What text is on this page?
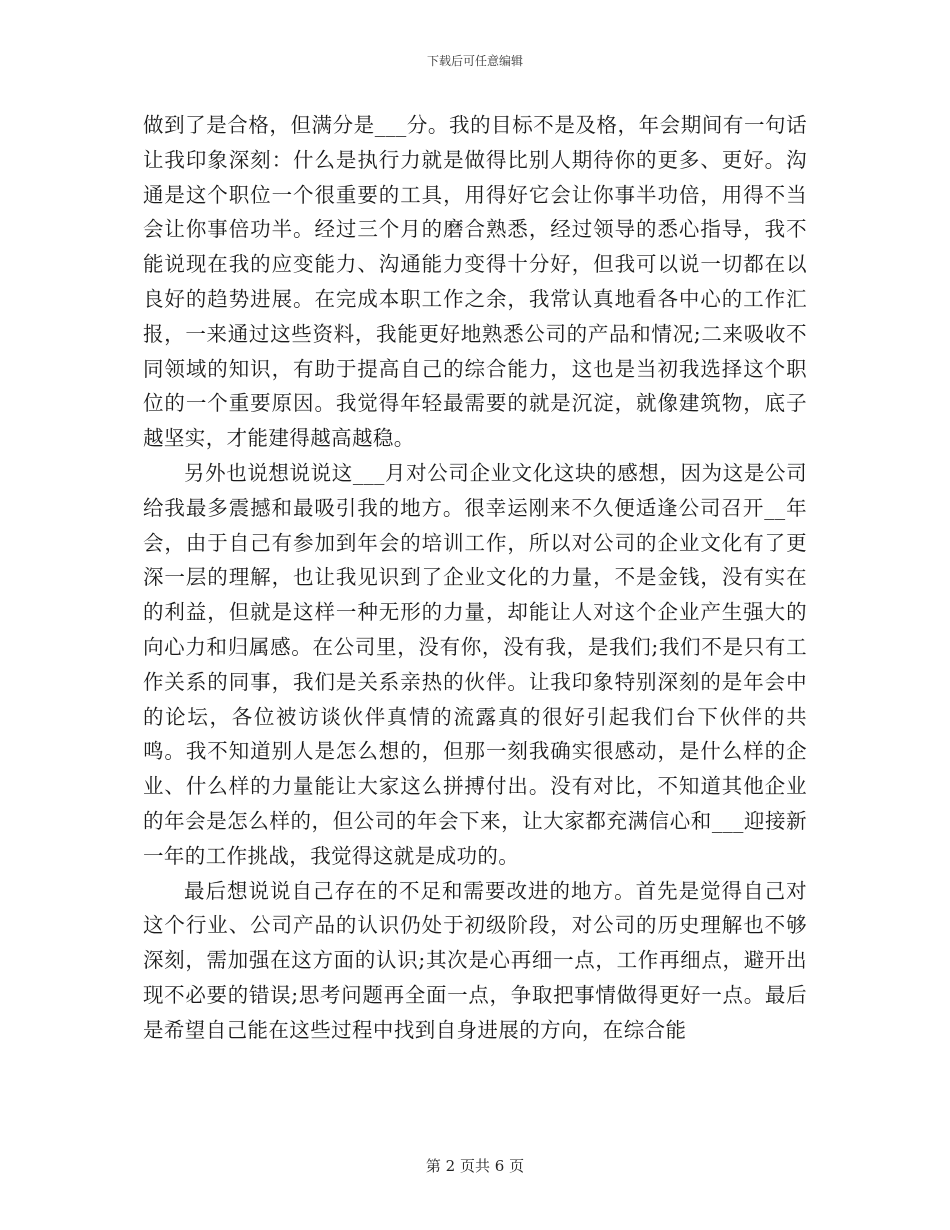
下载后可任意编辑

做到了是合格，但满分是___分。我的目标不是及格，年会期间有一句话让我印象深刻：什么是执行力就是做得比别人期待你的更多、更好。沟通是这个职位一个很重要的工具，用得好它会让你事半功倍，用得不当会让你事倍功半。经过三个月的磨合熟悉，经过领导的悉心指导，我不能说现在我的应变能力、沟通能力变得十分好，但我可以说一切都在以良好的趋势进展。在完成本职工作之余，我常认真地看各中心的工作汇报，一来通过这些资料，我能更好地熟悉公司的产品和情况;二来吸收不同领域的知识，有助于提高自己的综合能力，这也是当初我选择这个职位的一个重要原因。我觉得年轻最需要的就是沉淀，就像建筑物，底子越坚实，才能建得越高越稳。

另外也说想说说这___月对公司企业文化这块的感想，因为这是公司给我最多震撼和最吸引我的地方。很幸运刚来不久便适逢公司召开__年会，由于自己有参加到年会的培训工作，所以对公司的企业文化有了更深一层的理解，也让我见识到了企业文化的力量，不是金钱，没有实在的利益，但就是这样一种无形的力量，却能让人对这个企业产生强大的向心力和归属感。在公司里，没有你，没有我，是我们;我们不是只有工作关系的同事，我们是关系亲热的伙伴。让我印象特别深刻的是年会中的论坛，各位被访谈伙伴真情的流露真的很好引起我们台下伙伴的共鸣。我不知道别人是怎么想的，但那一刻我确实很感动，是什么样的企业、什么样的力量能让大家这么拼搏付出。没有对比，不知道其他企业的年会是怎么样的，但公司的年会下来，让大家都充满信心和___迎接新一年的工作挑战，我觉得这就是成功的。

最后想说说自己存在的不足和需要改进的地方。首先是觉得自己对这个行业、公司产品的认识仍处于初级阶段，对公司的历史理解也不够深刻，需加强在这方面的认识;其次是心再细一点，工作再细点，避开出现不必要的错误;思考问题再全面一点，争取把事情做得更好一点。最后是希望自己能在这些过程中找到自身进展的方向，在综合能

第 2 页共 6 页
